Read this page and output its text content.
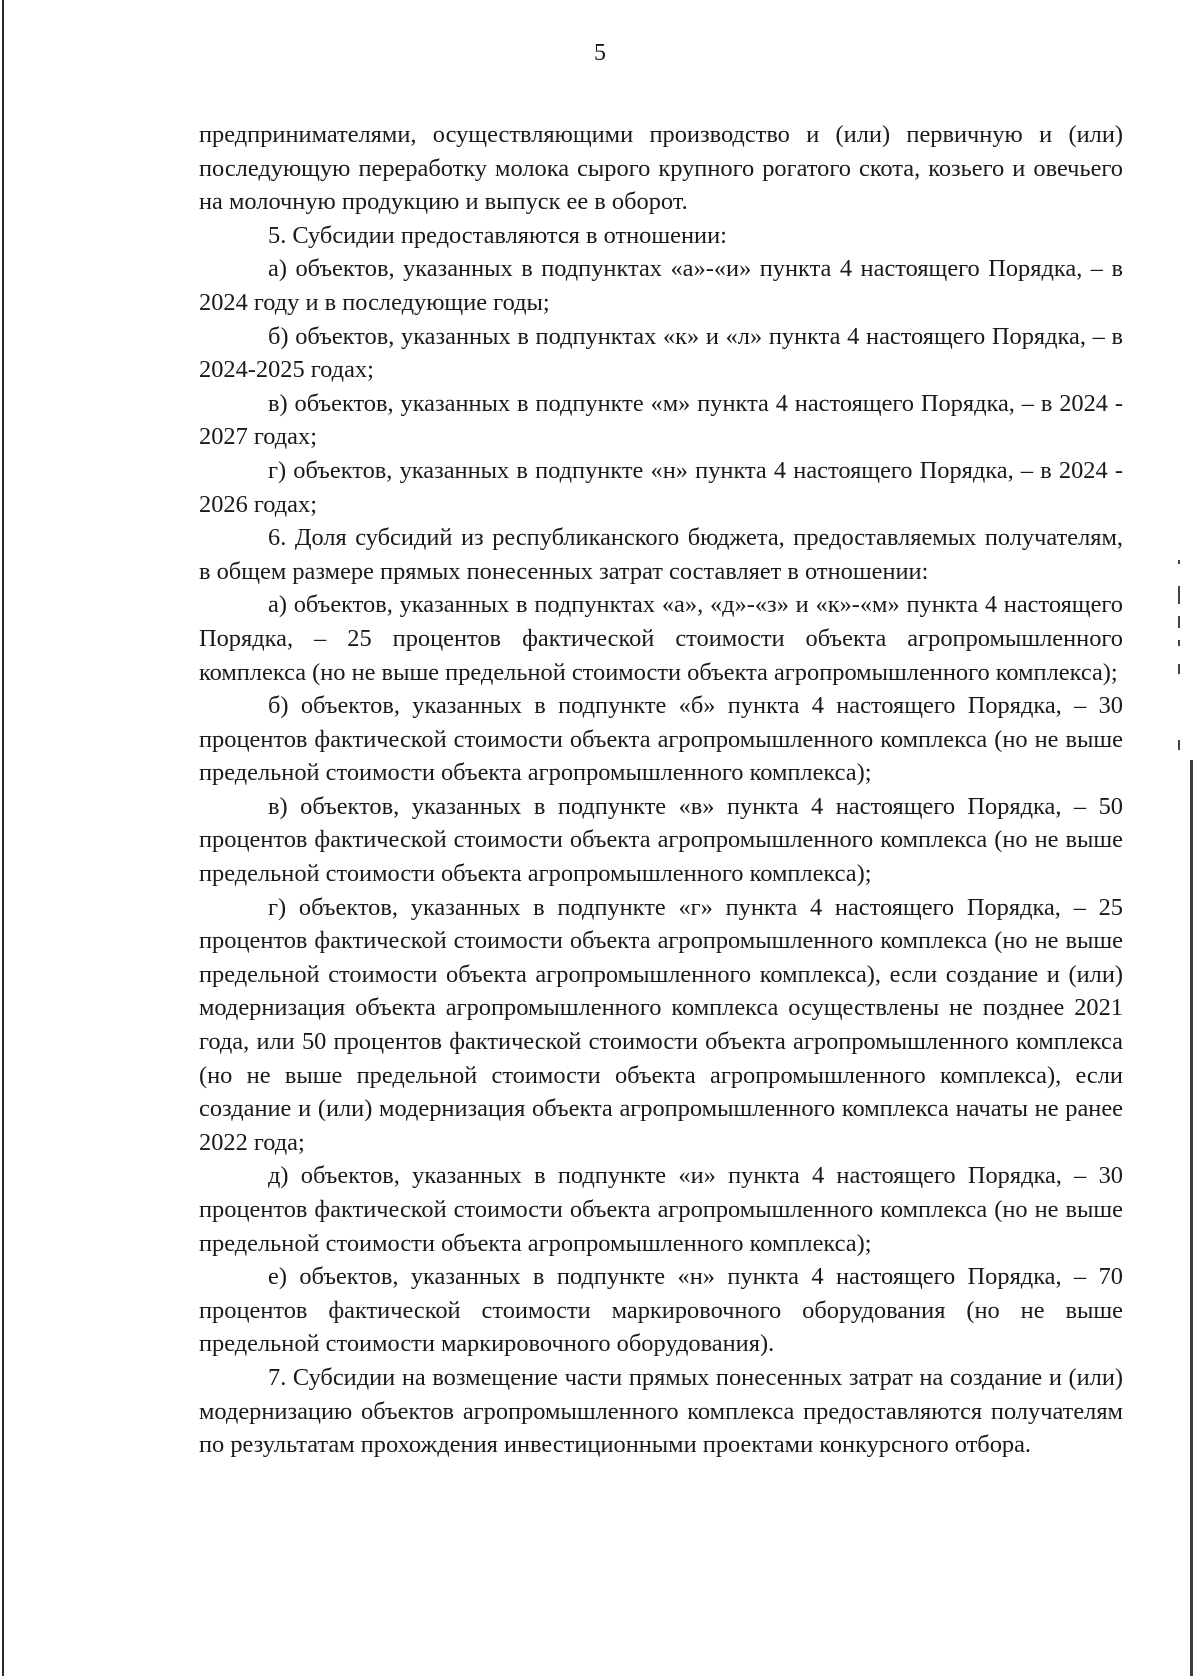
5

предпринимателями, осуществляющими производство и (или) первичную и (или) последующую переработку молока сырого крупного рогатого скота, козьего и овечьего на молочную продукцию и выпуск ее в оборот.

5. Субсидии предоставляются в отношении:

а) объектов, указанных в подпунктах «а»-«и» пункта 4 настоящего Порядка, – в 2024 году и в последующие годы;

б) объектов, указанных в подпунктах «к» и «л» пункта 4 настоящего Порядка, – в 2024-2025 годах;

в) объектов, указанных в подпункте «м» пункта 4 настоящего Порядка, – в 2024 - 2027 годах;

г) объектов, указанных в подпункте «н» пункта 4 настоящего Порядка, – в 2024 - 2026 годах;

6. Доля субсидий из республиканского бюджета, предоставляемых получателям, в общем размере прямых понесенных затрат составляет в отношении:

а) объектов, указанных в подпунктах «а», «д»-«з» и «к»-«м» пункта 4 настоящего Порядка, – 25 процентов фактической стоимости объекта агропромышленного комплекса (но не выше предельной стоимости объекта агропромышленного комплекса);

б) объектов, указанных в подпункте «б» пункта 4 настоящего Порядка, – 30 процентов фактической стоимости объекта агропромышленного комплекса (но не выше предельной стоимости объекта агропромышленного комплекса);

в) объектов, указанных в подпункте «в» пункта 4 настоящего Порядка, – 50 процентов фактической стоимости объекта агропромышленного комплекса (но не выше предельной стоимости объекта агропромышленного комплекса);

г) объектов, указанных в подпункте «г» пункта 4 настоящего Порядка, – 25 процентов фактической стоимости объекта агропромышленного комплекса (но не выше предельной стоимости объекта агропромышленного комплекса), если создание и (или) модернизация объекта агропромышленного комплекса осуществлены не позднее 2021 года, или 50 процентов фактической стоимости объекта агропромышленного комплекса (но не выше предельной стоимости объекта агропромышленного комплекса), если создание и (или) модернизация объекта агропромышленного комплекса начаты не ранее 2022 года;

д) объектов, указанных в подпункте «и» пункта 4 настоящего Порядка, – 30 процентов фактической стоимости объекта агропромышленного комплекса (но не выше предельной стоимости объекта агропромышленного комплекса);

е) объектов, указанных в подпункте «н» пункта 4 настоящего Порядка, – 70 процентов фактической стоимости маркировочного оборудования (но не выше предельной стоимости маркировочного оборудования).

7. Субсидии на возмещение части прямых понесенных затрат на создание и (или) модернизацию объектов агропромышленного комплекса предоставляются получателям по результатам прохождения инвестиционными проектами конкурсного отбора.
